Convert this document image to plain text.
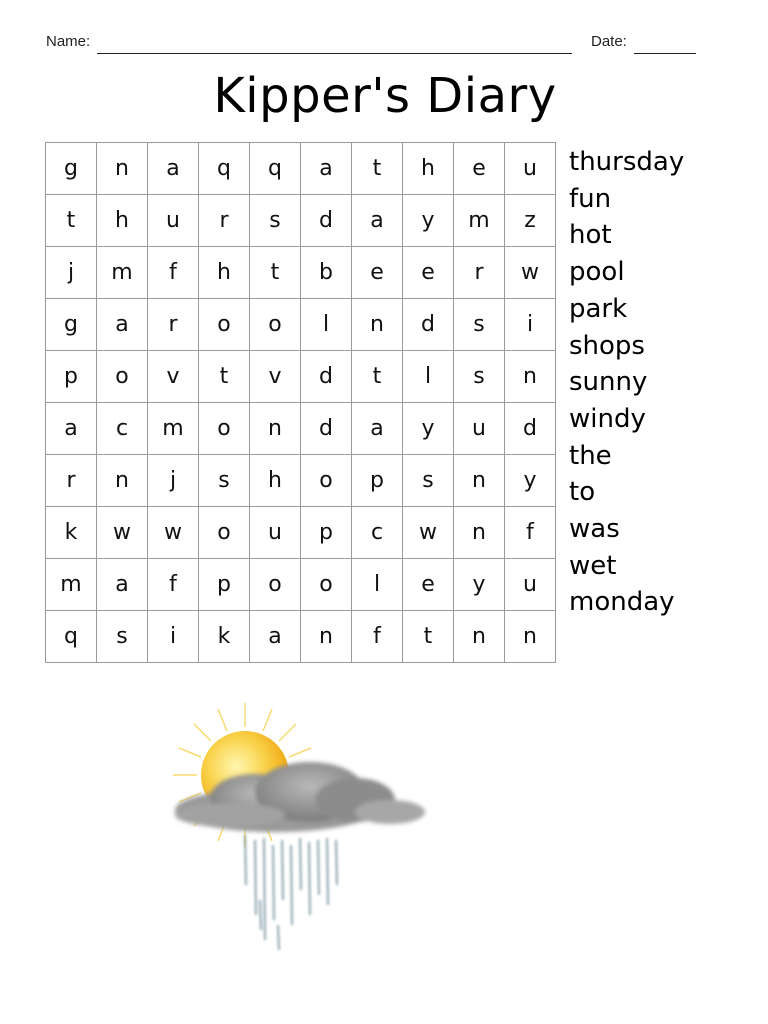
Name:	Date:
Kipper's Diary
g	n	a	q	q	a	t	h	e	u
t	h	u	r	s	d	a	y	m	z
j	m	f	h	t	b	e	e	r	w
g	a	r	o	o	l	n	d	s	i
p	o	v	t	v	d	t	l	s	n
a	c	m	o	n	d	a	y	u	d
r	n	j	s	h	o	p	s	n	y
k	w	w	o	u	p	c	w	n	f
m	a	f	p	o	o	l	e	y	u
q	s	i	k	a	n	f	t	n	n
thursday
fun
hot
pool
park
shops
sunny
windy
the
to
was
wet
monday
